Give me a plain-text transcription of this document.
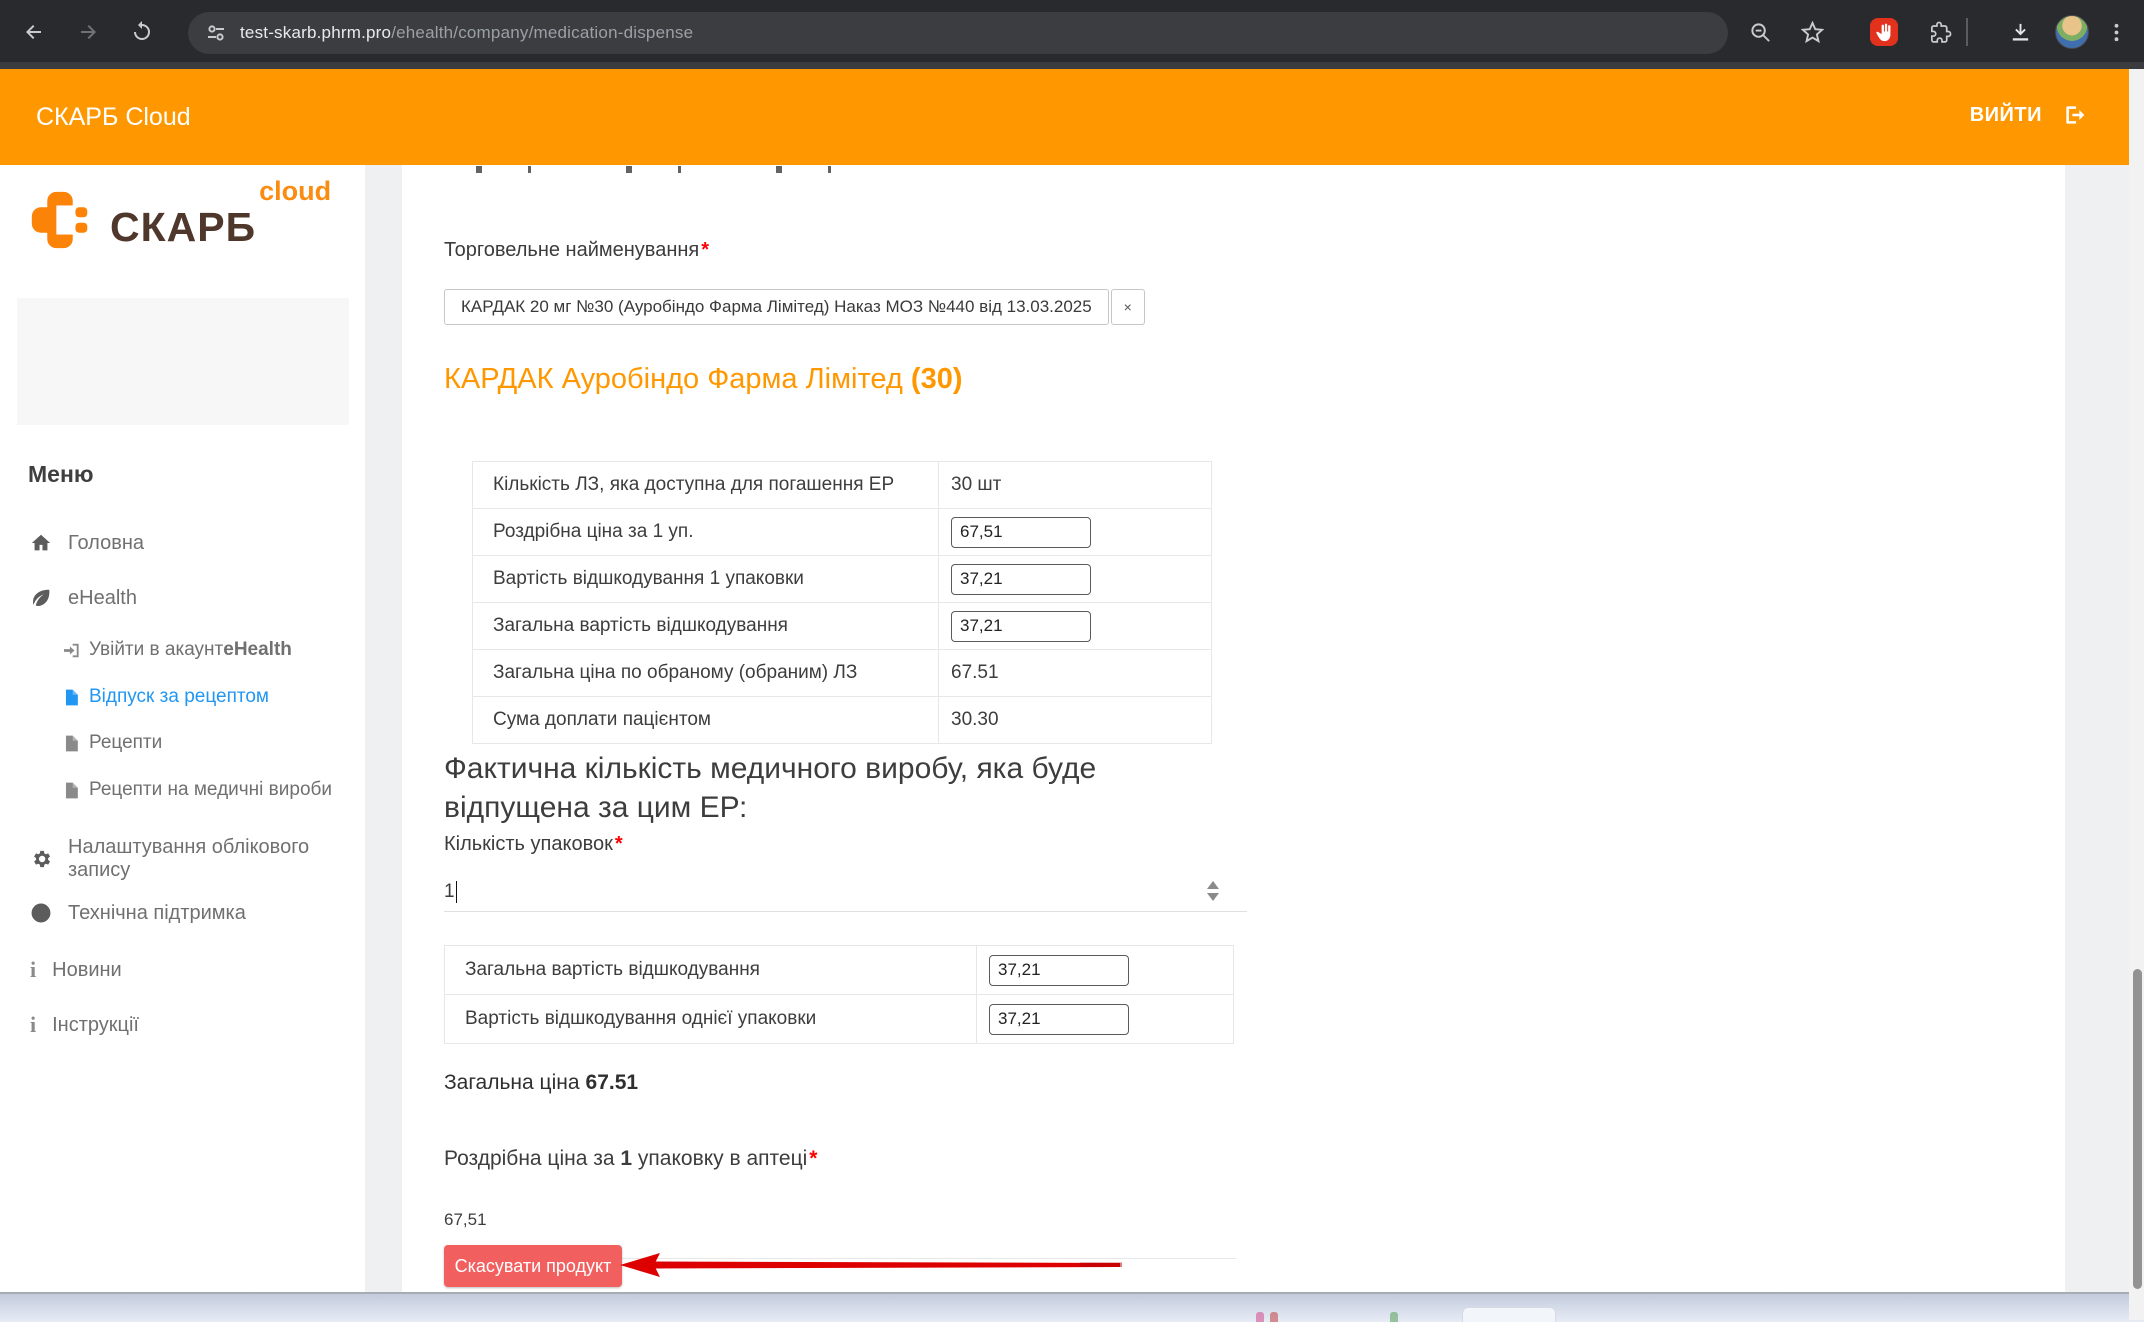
test-skarb.phrm.pro/ehealth/company/medication-dispense
СКАРБ Cloud	ВИЙТИ
СКАРБ
cloud
Меню
Головна
eHealth
Увійти в акаунт eHealth
Відпуск за рецептом
Рецепти
Рецепти на медичні вироби
Налаштування облікового запису
Технічна підтримка
i Новини
i Інструкції
Торговельне найменування *
КАРДАК 20 мг №30 (Ауробіндо Фарма Лімітед) Наказ МОЗ №440 від 13.03.2025	×
КАРДАК Ауробіндо Фарма Лімітед (30)
Кількість ЛЗ, яка доступна для погашення ЕР	30 шт
Роздрібна ціна за 1 уп.	67,51
Вартість відшкодування 1 упаковки	37,21
Загальна вартість відшкодування	37,21
Загальна ціна по обраному (обраним) ЛЗ	67.51
Сума доплати пацієнтом	30.30
Фактична кількість медичного виробу, яка буде відпущена за цим ЕР:
Кількість упаковок *
1
Загальна вартість відшкодування	37,21
Вартість відшкодування однієї упаковки	37,21
Загальна ціна 67.51
Роздрібна ціна за 1 упаковку в аптеці*
67,51
Скасувати продукт
